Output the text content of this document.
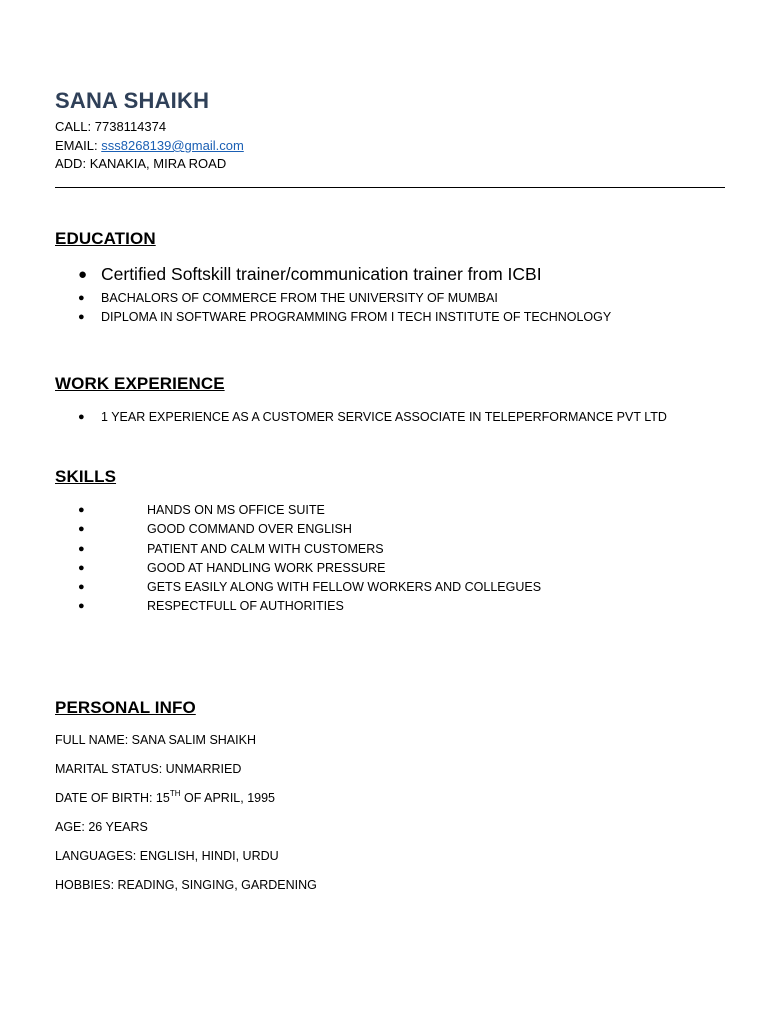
SANA SHAIKH
CALL: 7738114374
EMAIL: sss8268139@gmail.com
ADD: KANAKIA, MIRA ROAD
EDUCATION
● Certified Softskill trainer/communication trainer from ICBI
● BACHALORS OF COMMERCE FROM THE UNIVERSITY OF MUMBAI
● DIPLOMA IN SOFTWARE PROGRAMMING FROM I TECH INSTITUTE OF TECHNOLOGY
WORK EXPERIENCE
● 1 YEAR EXPERIENCE AS A CUSTOMER SERVICE ASSOCIATE IN TELEPERFORMANCE PVT LTD
SKILLS
●	HANDS ON MS OFFICE SUITE
●	GOOD COMMAND OVER ENGLISH
●	PATIENT AND CALM WITH CUSTOMERS
●	GOOD AT HANDLING WORK PRESSURE
●	GETS EASILY ALONG WITH FELLOW WORKERS AND COLLEGUES
●	RESPECTFULL OF AUTHORITIES
PERSONAL INFO
FULL NAME: SANA SALIM SHAIKH
MARITAL STATUS: UNMARRIED
DATE OF BIRTH: 15TH OF APRIL, 1995
AGE: 26 YEARS
LANGUAGES: ENGLISH, HINDI, URDU
HOBBIES: READING, SINGING, GARDENING
